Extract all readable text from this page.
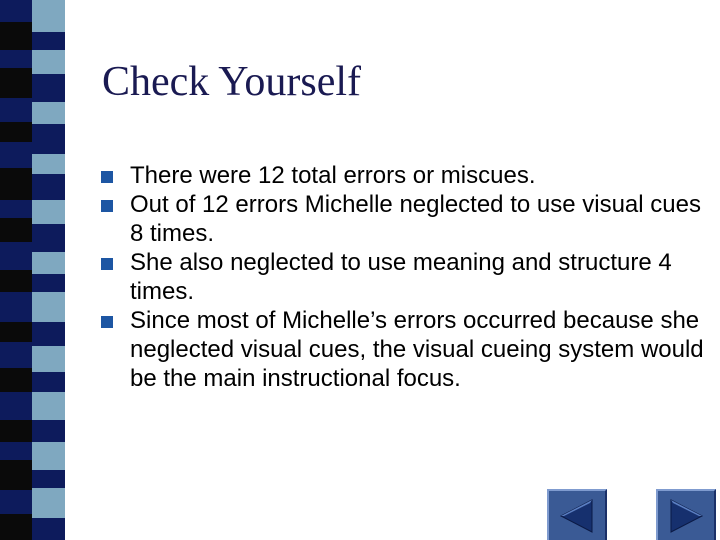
Check Yourself
There were 12 total errors or miscues.
Out of 12 errors Michelle neglected to use visual cues 8 times.
She also neglected to use meaning and structure 4 times.
Since most of Michelle’s errors occurred because she neglected visual cues, the visual cueing system would be the main instructional focus.
